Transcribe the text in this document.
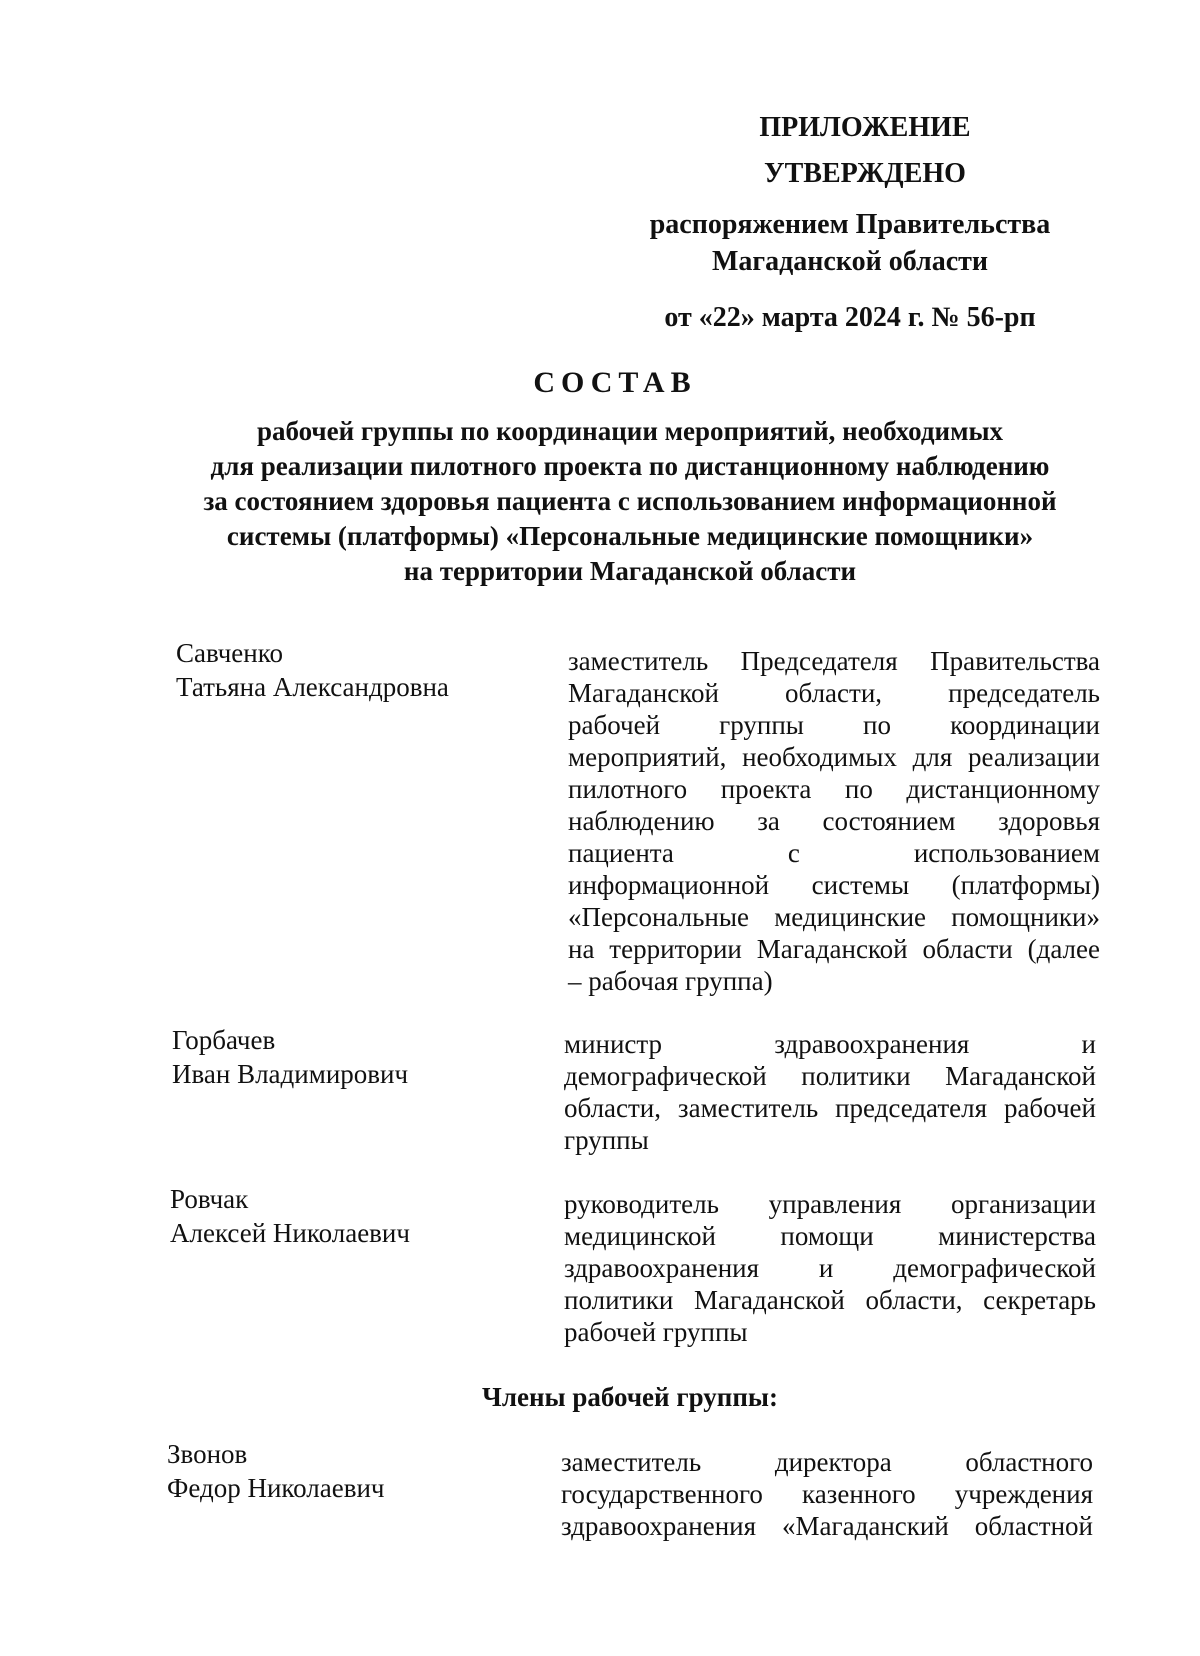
ПРИЛОЖЕНИЕ
УТВЕРЖДЕНО
распоряжением Правительства
Магаданской области
от «22» марта 2024 г. № 56-рп
СОСТАВ
рабочей группы по координации мероприятий, необходимых
для реализации пилотного проекта по дистанционному наблюдению
за состоянием здоровья пациента с использованием информационной
системы (платформы) «Персональные медицинские помощники»
на территории Магаданской области
Савченко
Татьяна Александровна
заместитель Председателя Правительства
Магаданской области, председатель
рабочей группы по координации
мероприятий, необходимых для реализации
пилотного проекта по дистанционному
наблюдению за состоянием здоровья
пациента с использованием
информационной системы (платформы)
«Персональные медицинские помощники»
на территории Магаданской области (далее
– рабочая группа)
Горбачев
Иван Владимирович
министр здравоохранения и
демографической политики Магаданской
области, заместитель председателя рабочей
группы
Ровчак
Алексей Николаевич
руководитель управления организации
медицинской помощи министерства
здравоохранения и демографической
политики Магаданской области, секретарь
рабочей группы
Члены рабочей группы:
Звонов
Федор Николаевич
заместитель директора областного
государственного казенного учреждения
здравоохранения «Магаданский областной
